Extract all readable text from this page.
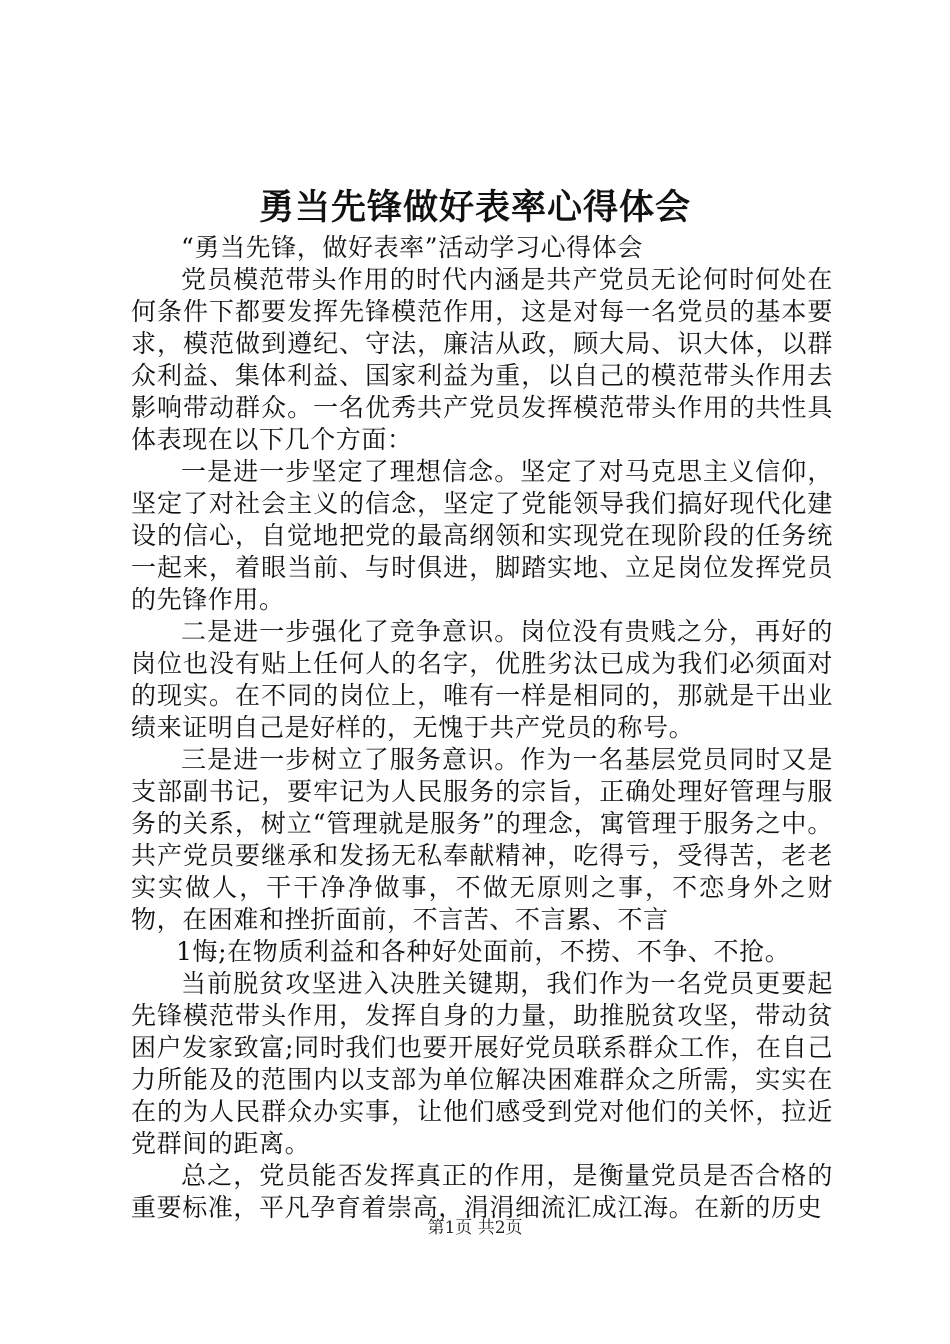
勇当先锋做好表率心得体会

“勇当先锋，做好表率”活动学习心得体会

党员模范带头作用的时代内涵是共产党员无论何时何处在何条件下都要发挥先锋模范作用，这是对每一名党员的基本要求，模范做到遵纪、守法，廉洁从政，顾大局、识大体，以群众利益、集体利益、国家利益为重，以自己的模范带头作用去影响带动群众。一名优秀共产党员发挥模范带头作用的共性具体表现在以下几个方面：

一是进一步坚定了理想信念。坚定了对马克思主义信仰，坚定了对社会主义的信念，坚定了党能领导我们搞好现代化建设的信心，自觉地把党的最高纲领和实现党在现阶段的任务统一起来，着眼当前、与时俱进，脚踏实地、立足岗位发挥党员的先锋作用。

二是进一步强化了竞争意识。岗位没有贵贱之分，再好的岗位也没有贴上任何人的名字，优胜劣汰已成为我们必须面对的现实。在不同的岗位上，唯有一样是相同的，那就是干出业绩来证明自己是好样的，无愧于共产党员的称号。

三是进一步树立了服务意识。作为一名基层党员同时又是支部副书记，要牢记为人民服务的宗旨，正确处理好管理与服务的关系，树立“管理就是服务”的理念，寓管理于服务之中。共产党员要继承和发扬无私奉献精神，吃得亏，受得苦，老老实实做人，干干净净做事，不做无原则之事，不恋身外之财物，在困难和挫折面前，不言苦、不言累、不言

1悔;在物质利益和各种好处面前，不捞、不争、不抢。

当前脱贫攻坚进入决胜关键期，我们作为一名党员更要起先锋模范带头作用，发挥自身的力量，助推脱贫攻坚，带动贫困户发家致富;同时我们也要开展好党员联系群众工作，在自己力所能及的范围内以支部为单位解决困难群众之所需，实实在在的为人民群众办实事，让他们感受到党对他们的关怀，拉近党群间的距离。

总之，党员能否发挥真正的作用，是衡量党员是否合格的重要标准，平凡孕育着崇高，涓涓细流汇成江海。在新的历史

第1页 共2页
